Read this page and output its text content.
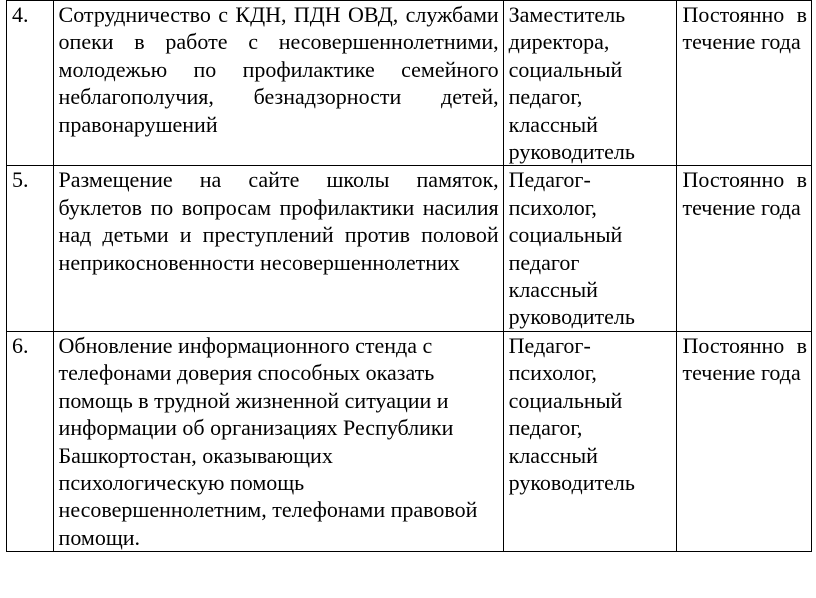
4.	Сотрудничество с КДН, ПДН ОВД, службами опеки в работе с несовершеннолетними, молодежью по профилактике семейного неблагополучия, безнадзорности детей, правонарушений	Заместитель директора, социальный педагог, классный руководитель	Постоянно в течение года

5.	Размещение на сайте школы памяток, буклетов по вопросам профилактики насилия над детьми и преступлений против половой неприкосновенности несовершеннолетних	Педагог-психолог, социальный педагог классный руководитель	Постоянно в течение года

6.	Обновление информационного стенда с телефонами доверия способных оказать помощь в трудной жизненной ситуации и информации об организациях Республики Башкортостан, оказывающих психологическую помощь несовершеннолетним, телефонами правовой помощи.	Педагог-психолог, социальный педагог, классный руководитель	Постоянно в течение года
